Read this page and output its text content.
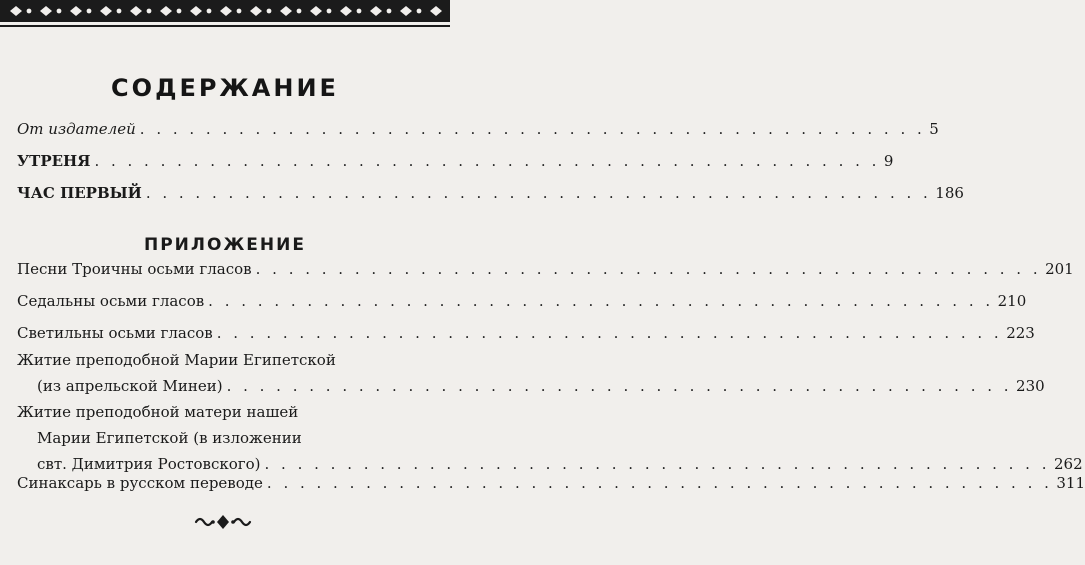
СОДЕРЖАНИЕ
От издателей . . . . . . . . . . . . . . . . . . . . . . . . . . . . . . . . . . . . . . . . . . . . . . . . 5
УТРЕНЯ . . . . . . . . . . . . . . . . . . . . . . . . . . . . . . . . . . . . . . . . . . . . . . . . 9
ЧАС ПЕРВЫЙ . . . . . . . . . . . . . . . . . . . . . . . . . . . . . . . . . . . . . . . . . . . . . . . . 186
ПРИЛОЖЕНИЕ
Песни Троичны осьми гласов . . . . . . . . . . . . . . . . . . . . . . . . . . . . . . . . . . . . . . . . . . . . . . . . 201
Седальны осьми гласов . . . . . . . . . . . . . . . . . . . . . . . . . . . . . . . . . . . . . . . . . . . . . . . . 210
Светильны осьми гласов . . . . . . . . . . . . . . . . . . . . . . . . . . . . . . . . . . . . . . . . . . . . . . . . 223
Житие преподобной Марии Египетской
(из апрельской Минеи) . . . . . . . . . . . . . . . . . . . . . . . . . . . . . . . . . . . . . . . . . . . . . . . . 230
Житие преподобной матери нашей
Марии Египетской (в изложении
свт. Димитрия Ростовского) . . . . . . . . . . . . . . . . . . . . . . . . . . . . . . . . . . . . . . . . . . . . . . . . 262
Синаксарь в русском переводе . . . . . . . . . . . . . . . . . . . . . . . . . . . . . . . . . . . . . . . . . . . . . . . . 311
